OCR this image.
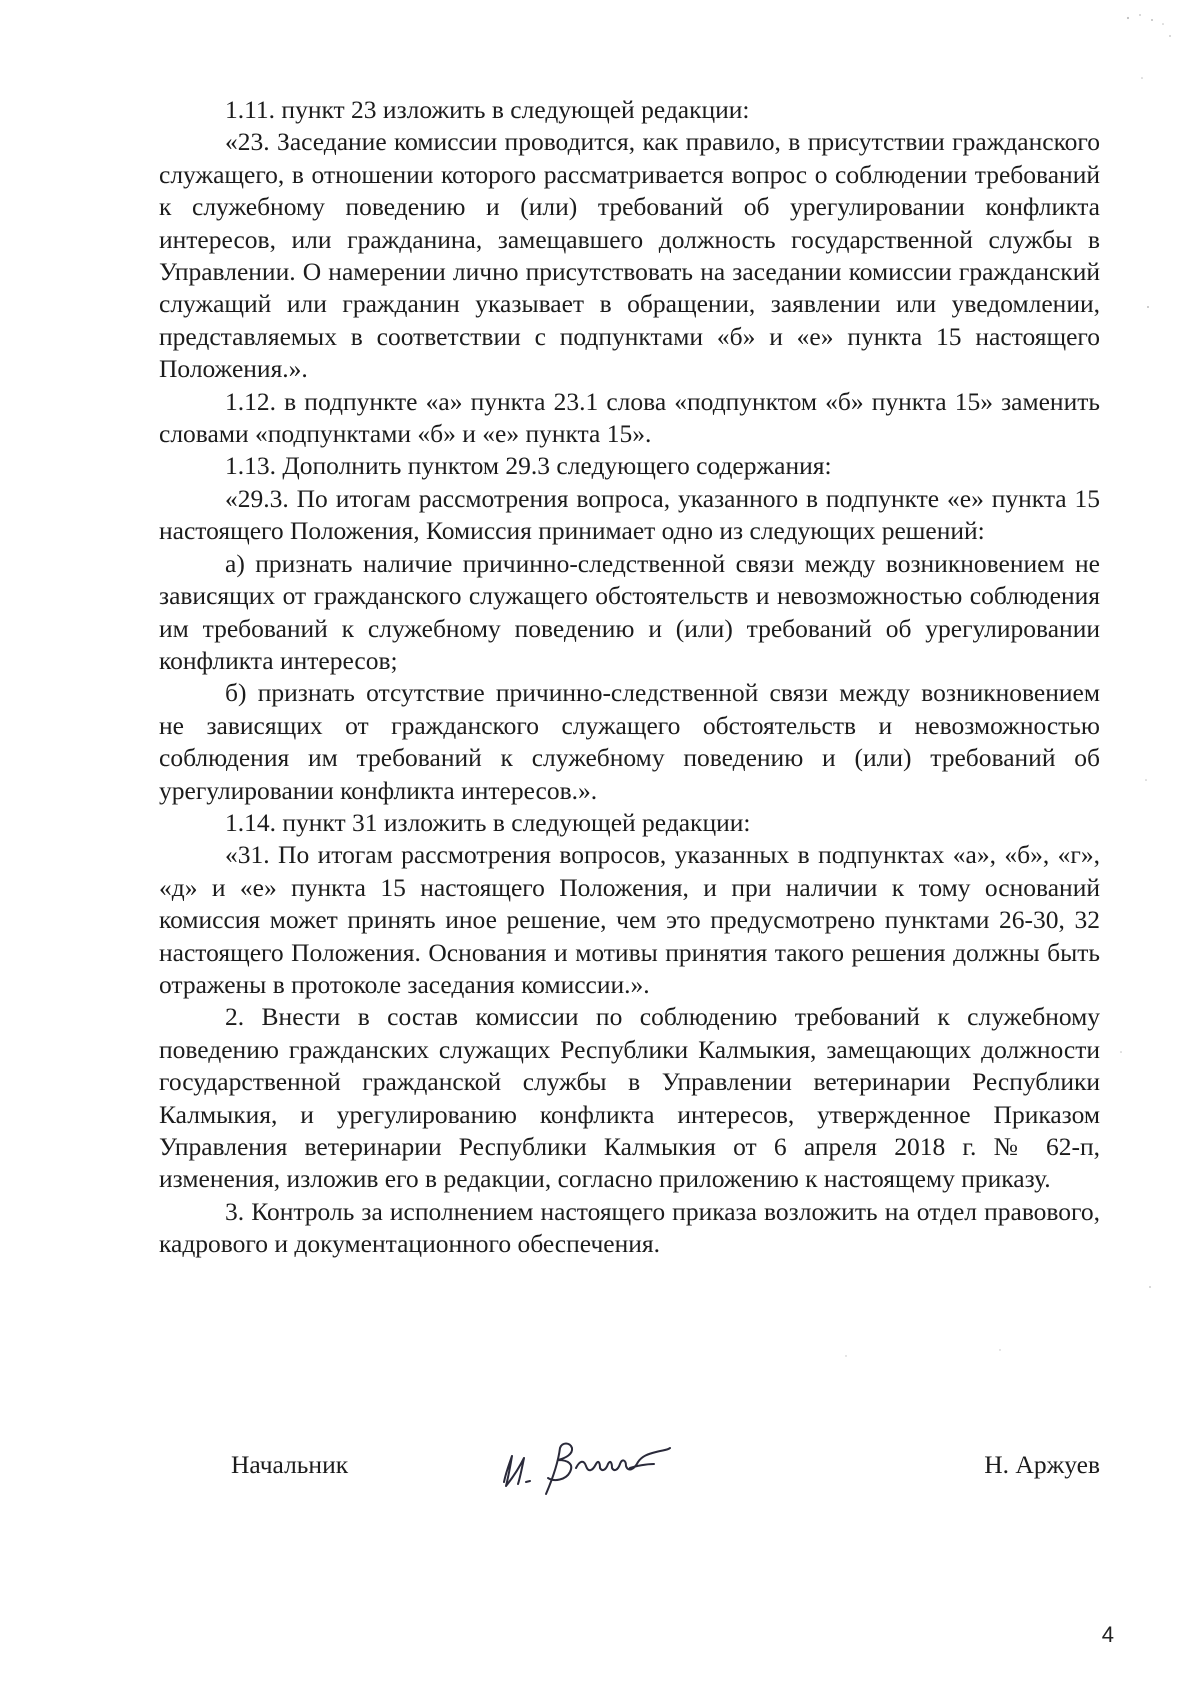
1.11. пункт 23 изложить в следующей редакции:

«23. Заседание комиссии проводится, как правило, в присутствии гражданского служащего, в отношении которого рассматривается вопрос о соблюдении требований к служебному поведению и (или) требований об урегулировании конфликта интересов, или гражданина, замещавшего должность государственной службы в Управлении. О намерении лично присутствовать на заседании комиссии гражданский служащий или гражданин указывает в обращении, заявлении или уведомлении, представляемых в соответствии с подпунктами «б» и «е» пункта 15 настоящего Положения.».

1.12. в подпункте «а» пункта 23.1 слова «подпунктом «б» пункта 15» заменить словами «подпунктами «б» и «е» пункта 15».

1.13. Дополнить пунктом 29.3 следующего содержания:

«29.3. По итогам рассмотрения вопроса, указанного в подпункте «е» пункта 15 настоящего Положения, Комиссия принимает одно из следующих решений:

а) признать наличие причинно-следственной связи между возникновением не зависящих от гражданского служащего обстоятельств и невозможностью соблюдения им требований к служебному поведению и (или) требований об урегулировании конфликта интересов;

б) признать отсутствие причинно-следственной связи между возникновением не зависящих от гражданского служащего обстоятельств и невозможностью соблюдения им требований к служебному поведению и (или) требований об урегулировании конфликта интересов.».

1.14. пункт 31 изложить в следующей редакции:

«31. По итогам рассмотрения вопросов, указанных в подпунктах «а», «б», «г», «д» и «е» пункта 15 настоящего Положения, и при наличии к тому оснований комиссия может принять иное решение, чем это предусмотрено пунктами 26-30, 32 настоящего Положения. Основания и мотивы принятия такого решения должны быть отражены в протоколе заседания комиссии.».

2. Внести в состав комиссии по соблюдению требований к служебному поведению гражданских служащих Республики Калмыкия, замещающих должности государственной гражданской службы в Управлении ветеринарии Республики Калмыкия, и урегулированию конфликта интересов, утвержденное Приказом Управления ветеринарии Республики Калмыкия от 6 апреля 2018 г. № 62-п, изменения, изложив его в редакции, согласно приложению к настоящему приказу.

3. Контроль за исполнением настоящего приказа возложить на отдел правового, кадрового и документационного обеспечения.

Начальник	Н. Аржуев
4
